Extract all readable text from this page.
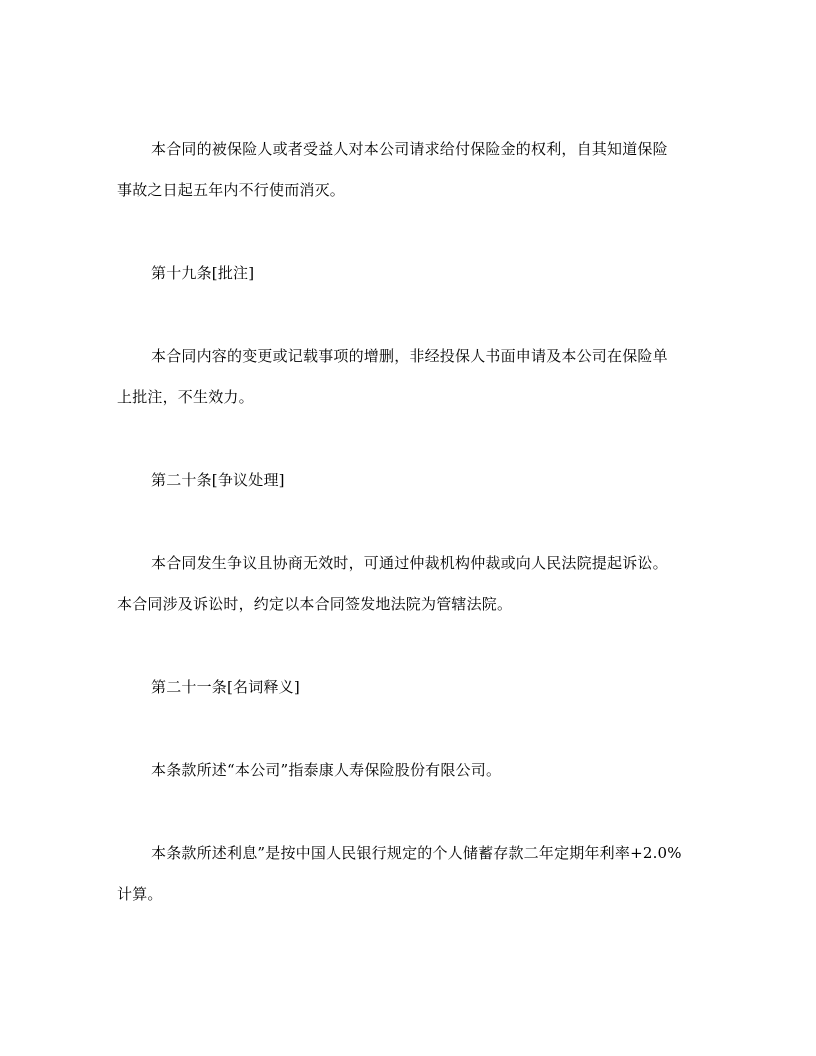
本合同的被保险人或者受益人对本公司请求给付保险金的权利，自其知道保险
事故之日起五年内不行使而消灭。
第十九条[批注]
本合同内容的变更或记载事项的增删，非经投保人书面申请及本公司在保险单
上批注，不生效力。
第二十条[争议处理]
本合同发生争议且协商无效时，可通过仲裁机构仲裁或向人民法院提起诉讼。
本合同涉及诉讼时，约定以本合同签发地法院为管辖法院。
第二十一条[名词释义]
本条款所述“本公司”指泰康人寿保险股份有限公司。
本条款所述利息”是按中国人民银行规定的个人储蓄存款二年定期年利率+2.0%
计算。
